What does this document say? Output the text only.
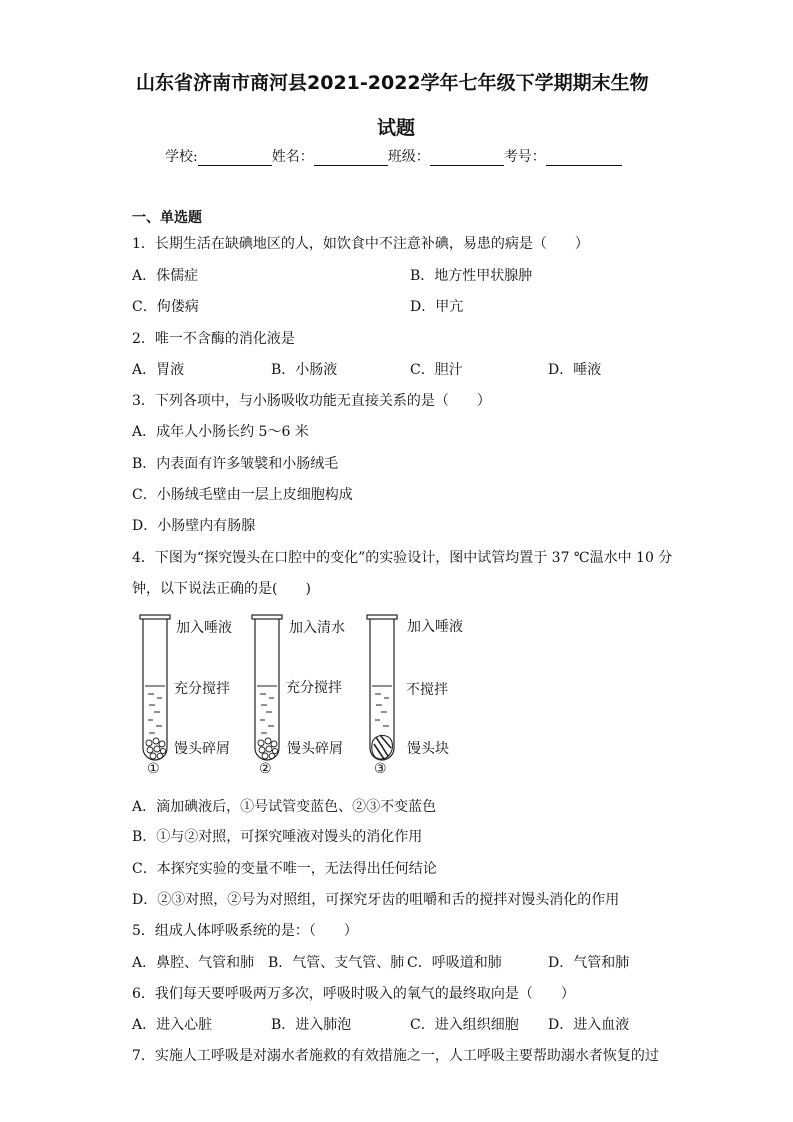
山东省济南市商河县2021-2022学年七年级下学期期末生物
试题
学校:	姓名：	班级：	考号：
一、单选题
1．长期生活在缺碘地区的人，如饮食中不注意补碘，易患的病是（　　）
A．侏儒症	B．地方性甲状腺肿
C．佝偻病	D．甲亢
2．唯一不含酶的消化液是
A．胃液	B．小肠液	C．胆汁	D．唾液
3．下列各项中，与小肠吸收功能无直接关系的是（　　）
A．成年人小肠长约 5～6 米
B．内表面有许多皱襞和小肠绒毛
C．小肠绒毛壁由一层上皮细胞构成
D．小肠壁内有肠腺
4．下图为“探究馒头在口腔中的变化”的实验设计，图中试管均置于 37 ℃温水中 10 分
钟，以下说法正确的是(　　)
加入唾液
充分搅拌
馒头碎屑
①
加入清水
充分搅拌
馒头碎屑
②
加入唾液
不搅拌
馒头块
③
A．滴加碘液后，①号试管变蓝色、②③不变蓝色
B．①与②对照，可探究唾液对馒头的消化作用
C．本探究实验的变量不唯一，无法得出任何结论
D．②③对照，②号为对照组，可探究牙齿的咀嚼和舌的搅拌对馒头消化的作用
5．组成人体呼吸系统的是：（　　）
A．鼻腔、气管和肺 B．气管、支气管、肺 C．呼吸道和肺	D．气管和肺
6．我们每天要呼吸两万多次，呼吸时吸入的氧气的最终取向是（　　）
A．进入心脏	B．进入肺泡	C．进入组织细胞 D．进入血液
7．实施人工呼吸是对溺水者施救的有效措施之一，人工呼吸主要帮助溺水者恢复的过
